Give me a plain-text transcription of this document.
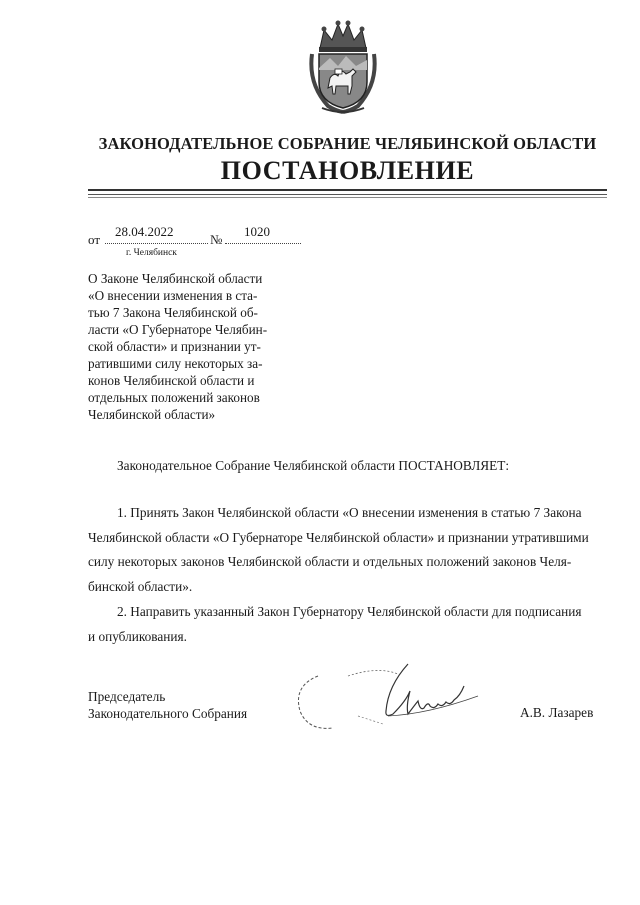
ЗАКОНОДАТЕЛЬНОЕ СОБРАНИЕ ЧЕЛЯБИНСКОЙ ОБЛАСТИ
ПОСТАНОВЛЕНИЕ
от
28.04.2022
№
1020
г. Челябинск
О Законе Челябинской области
«О внесении изменения в ста-
тью 7 Закона Челябинской об-
ласти «О Губернаторе Челябин-
ской области» и признании ут-
ратившими силу некоторых за-
конов Челябинской области и
отдельных положений законов
Челябинской области»
Законодательное Собрание Челябинской области ПОСТАНОВЛЯЕТ:
1. Принять Закон Челябинской области «О внесении изменения в статью 7 Закона
Челябинской области «О Губернаторе Челябинской области» и признании утратившими
силу некоторых законов Челябинской области и отдельных положений законов Челя-
бинской области».
2. Направить указанный Закон Губернатору Челябинской области для подписания
и опубликования.
Председатель
Законодательного Собрания	А.В. Лазарев
